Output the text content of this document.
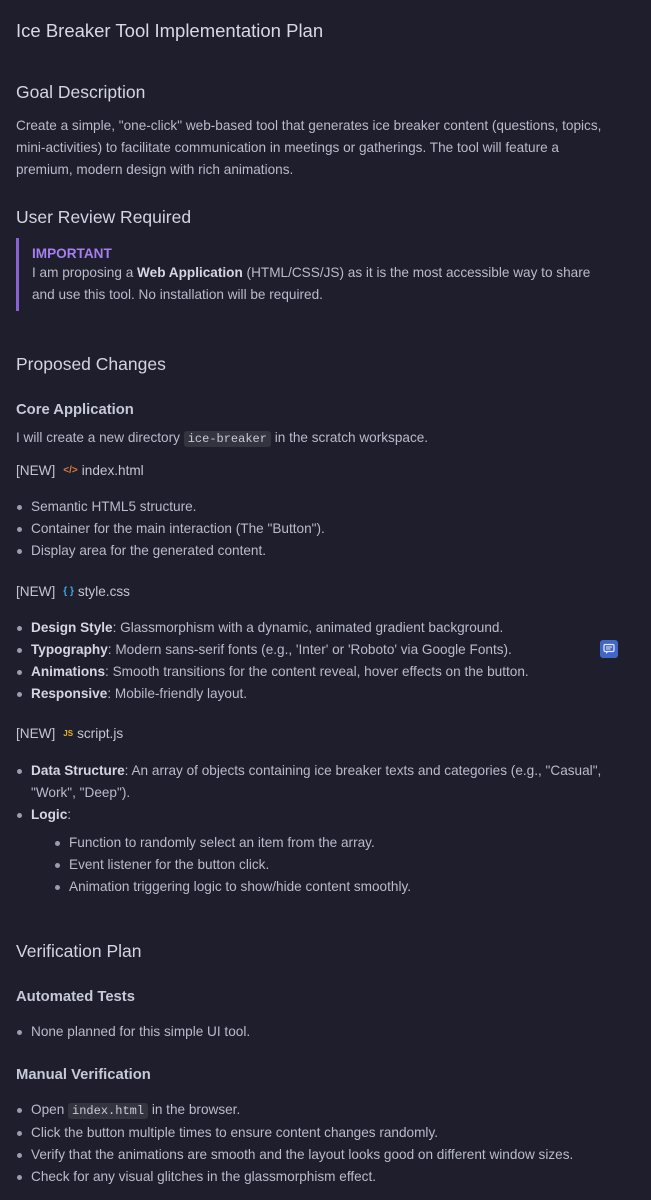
Ice Breaker Tool Implementation Plan
Goal Description
Create a simple, "one-click" web-based tool that generates ice breaker content (questions, topics, mini-activities) to facilitate communication in meetings or gatherings. The tool will feature a premium, modern design with rich animations.
User Review Required
IMPORTANT
I am proposing a Web Application (HTML/CSS/JS) as it is the most accessible way to share and use this tool. No installation will be required.
Proposed Changes
Core Application
I will create a new directory ice-breaker in the scratch workspace.
[NEW] </> index.html
Semantic HTML5 structure.
Container for the main interaction (The "Button").
Display area for the generated content.
[NEW] { } style.css
Design Style: Glassmorphism with a dynamic, animated gradient background.
Typography: Modern sans-serif fonts (e.g., 'Inter' or 'Roboto' via Google Fonts).
Animations: Smooth transitions for the content reveal, hover effects on the button.
Responsive: Mobile-friendly layout.
[NEW] JS script.js
Data Structure: An array of objects containing ice breaker texts and categories (e.g., "Casual", "Work", "Deep").
Logic:
Function to randomly select an item from the array.
Event listener for the button click.
Animation triggering logic to show/hide content smoothly.
Verification Plan
Automated Tests
None planned for this simple UI tool.
Manual Verification
Open index.html in the browser.
Click the button multiple times to ensure content changes randomly.
Verify that the animations are smooth and the layout looks good on different window sizes.
Check for any visual glitches in the glassmorphism effect.
